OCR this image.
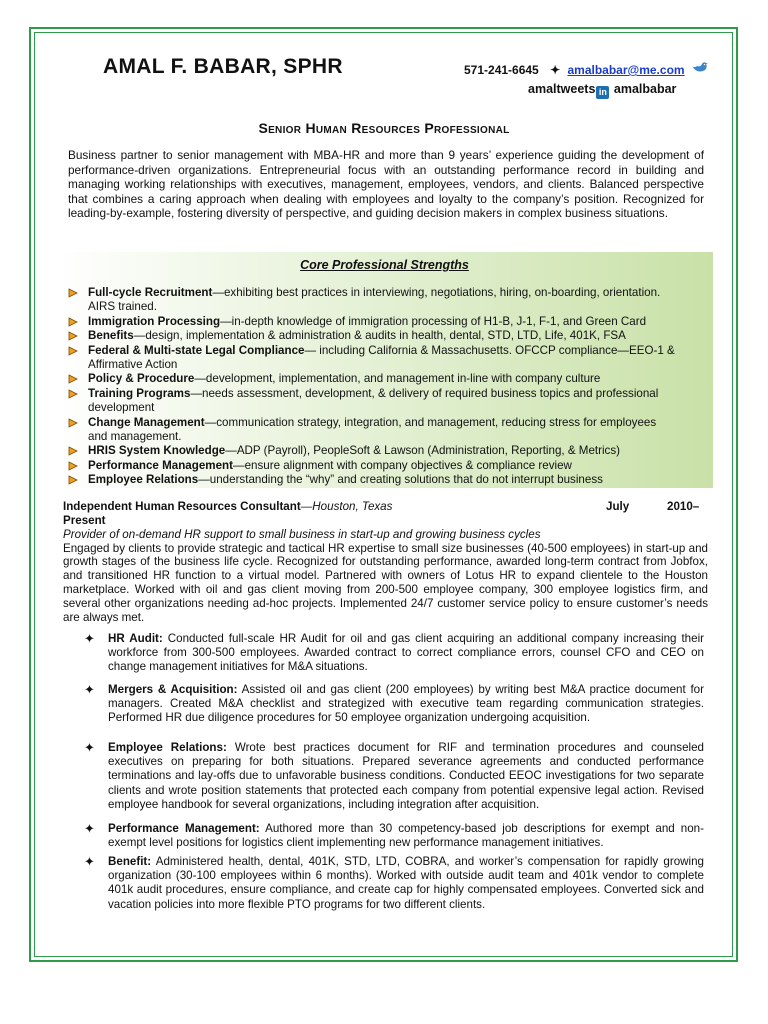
AMAL F. BABAR, SPHR	571-241-6645 ✦ amalbabar@me.com
amaltweets in amalbabar
Senior Human Resources Professional
Business partner to senior management with MBA-HR and more than 9 years’ experience guiding the development of performance-driven organizations. Entrepreneurial focus with an outstanding performance record in building and managing working relationships with executives, management, employees, vendors, and clients. Balanced perspective that combines a caring approach when dealing with employees and loyalty to the company’s position. Recognized for leading-by-example, fostering diversity of perspective, and guiding decision makers in complex business situations.
Core Professional Strengths
Full-cycle Recruitment—exhibiting best practices in interviewing, negotiations, hiring, on-boarding, orientation. AIRS trained.
Immigration Processing—in-depth knowledge of immigration processing of H1-B, J-1, F-1, and Green Card
Benefits—design, implementation & administration & audits in health, dental, STD, LTD, Life, 401K, FSA
Federal & Multi-state Legal Compliance— including California & Massachusetts. OFCCP compliance—EEO-1 & Affirmative Action
Policy & Procedure—development, implementation, and management in-line with company culture
Training Programs—needs assessment, development, & delivery of required business topics and professional development
Change Management—communication strategy, integration, and management, reducing stress for employees and management.
HRIS System Knowledge—ADP (Payroll), PeopleSoft & Lawson (Administration, Reporting, & Metrics)
Performance Management—ensure alignment with company objectives & compliance review
Employee Relations—understanding the “why” and creating solutions that do not interrupt business
Independent Human Resources Consultant—Houston, Texas	July	2010–
Present
Provider of on-demand HR support to small business in start-up and growing business cycles
Engaged by clients to provide strategic and tactical HR expertise to small size businesses (40-500 employees) in start-up and growth stages of the business life cycle. Recognized for outstanding performance, awarded long-term contract from Jobfox, and transitioned HR function to a virtual model. Partnered with owners of Lotus HR to expand clientele to the Houston marketplace. Worked with oil and gas client moving from 200-500 employee company, 300 employee logistics firm, and several other organizations needing ad-hoc projects. Implemented 24/7 customer service policy to ensure customer’s needs are always met.
✦ HR Audit: Conducted full-scale HR Audit for oil and gas client acquiring an additional company increasing their workforce from 300-500 employees. Awarded contract to correct compliance errors, counsel CFO and CEO on change management initiatives for M&A situations.
✦ Mergers & Acquisition: Assisted oil and gas client (200 employees) by writing best M&A practice document for managers. Created M&A checklist and strategized with executive team regarding communication strategies. Performed HR due diligence procedures for 50 employee organization undergoing acquisition.
✦ Employee Relations: Wrote best practices document for RIF and termination procedures and counseled executives on preparing for both situations. Prepared severance agreements and conducted performance terminations and lay-offs due to unfavorable business conditions. Conducted EEOC investigations for two separate clients and wrote position statements that protected each company from potential expensive legal action. Revised employee handbook for several organizations, including integration after acquisition.
✦ Performance Management: Authored more than 30 competency-based job descriptions for exempt and non-exempt level positions for logistics client implementing new performance management initiatives.
✦ Benefit: Administered health, dental, 401K, STD, LTD, COBRA, and worker’s compensation for rapidly growing organization (30-100 employees within 6 months). Worked with outside audit team and 401k vendor to complete 401k audit procedures, ensure compliance, and create cap for highly compensated employees. Converted sick and vacation policies into more flexible PTO programs for two different clients.
